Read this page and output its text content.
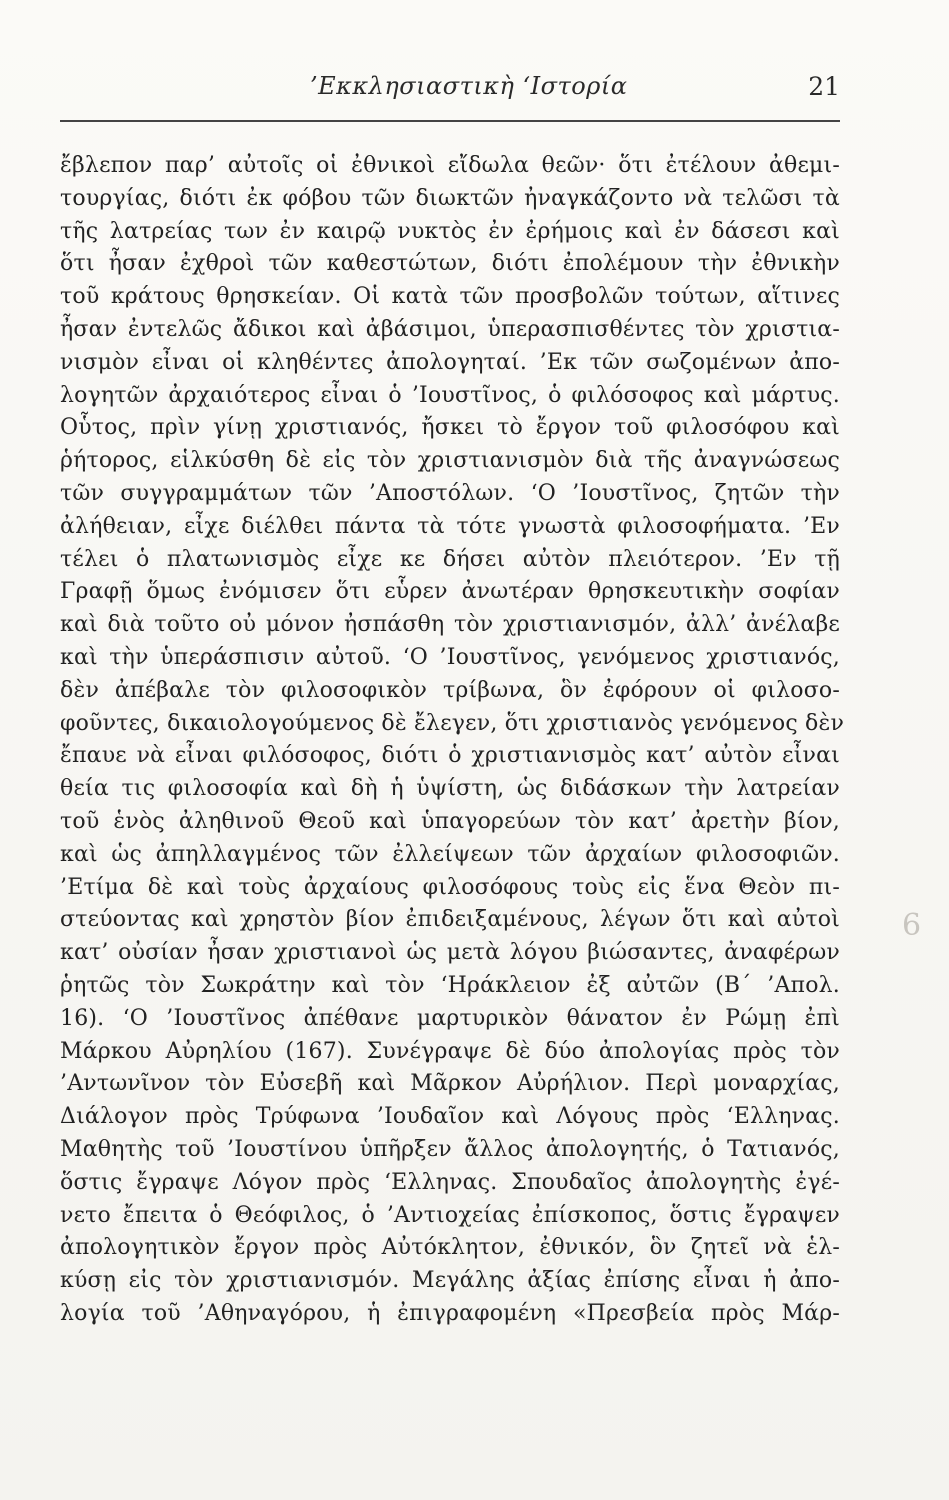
’Εκκλησιαστικὴ ‘Ιστορία	21
ἔβλεπον παρ’ αὐτοῖς οἱ ἐθνικοὶ εἴδωλα θεῶν· ὅτι ἐτέλουν ἀθεμι-
τουργίας, διότι ἐκ φόβου τῶν διωκτῶν ἠναγκάζοντο νὰ τελῶσι τὰ
τῆς λατρείας των ἐν καιρῷ νυκτὸς ἐν ἐρήμοις καὶ ἐν δάσεσι καὶ
ὅτι ἦσαν ἐχθροὶ τῶν καθεστώτων, διότι ἐπολέμουν τὴν ἐθνικὴν
τοῦ κράτους θρησκείαν. Οἱ κατὰ τῶν προσβολῶν τούτων, αἵτινες
ἦσαν ἐντελῶς ἄδικοι καὶ ἀβάσιμοι, ὑπερασπισθέντες τὸν χριστια-
νισμὸν εἶναι οἱ κληθέντες ἀπολογηταί. ’Εκ τῶν σωζομένων ἀπο-
λογητῶν ἀρχαιότερος εἶναι ὁ ’Ιουστῖνος, ὁ φιλόσοφος καὶ μάρτυς.
Οὗτος, πρὶν γίνῃ χριστιανός, ἤσκει τὸ ἔργον τοῦ φιλοσόφου καὶ
ῥήτορος, εἱλκύσθη δὲ εἰς τὸν χριστιανισμὸν διὰ τῆς ἀναγνώσεως
τῶν συγγραμμάτων τῶν ’Αποστόλων. ‘Ο ’Ιουστῖνος, ζητῶν τὴν
ἀλήθειαν, εἶχε διέλθει πάντα τὰ τότε γνωστὰ φιλοσοφήματα. ’Εν
τέλει ὁ πλατωνισμὸς εἶχε κε δήσει αὐτὸν πλειότερον. ’Εν τῇ
Γραφῇ ὅμως ἐνόμισεν ὅτι εὗρεν ἀνωτέραν θρησκευτικὴν σοφίαν
καὶ διὰ τοῦτο οὐ μόνον ἠσπάσθη τὸν χριστιανισμόν, ἀλλ’ ἀνέλαβε
καὶ τὴν ὑπεράσπισιν αὐτοῦ. ‘Ο ’Ιουστῖνος, γενόμενος χριστιανός,
δὲν ἀπέβαλε τὸν φιλοσοφικὸν τρίβωνα, ὃν ἐφόρουν οἱ φιλοσο-
φοῦντες, δικαιολογούμενος δὲ ἔλεγεν, ὅτι χριστιανὸς γενόμενος δὲν
ἔπαυε νὰ εἶναι φιλόσοφος, διότι ὁ χριστιανισμὸς κατ’ αὐτὸν εἶναι
θεία τις φιλοσοφία καὶ δὴ ἡ ὑψίστη, ὡς διδάσκων τὴν λατρείαν
τοῦ ἑνὸς ἀληθινοῦ Θεοῦ καὶ ὑπαγορεύων τὸν κατ’ ἀρετὴν βίον,
καὶ ὡς ἀπηλλαγμένος τῶν ἐλλείψεων τῶν ἀρχαίων φιλοσοφιῶν.
’Ετίμα δὲ καὶ τοὺς ἀρχαίους φιλοσόφους τοὺς εἰς ἕνα Θεὸν πι-
στεύοντας καὶ χρηστὸν βίον ἐπιδειξαμένους, λέγων ὅτι καὶ αὐτοὶ
κατ’ οὐσίαν ἦσαν χριστιανοὶ ὡς μετὰ λόγου βιώσαντες, ἀναφέρων
ῥητῶς τὸν Σωκράτην καὶ τὸν ‘Ηράκλειον ἐξ αὐτῶν (Β΄ ’Απολ.
16). ‘Ο ’Ιουστῖνος ἀπέθανε μαρτυρικὸν θάνατον ἐν Ρώμῃ ἐπὶ
Μάρκου Αὐρηλίου (167). Συνέγραψε δὲ δύο ἀπολογίας πρὸς τὸν
’Αντωνῖνον τὸν Εὐσεβῆ καὶ Μᾶρκον Αὐρήλιον. Περὶ μοναρχίας,
Διάλογον πρὸς Τρύφωνα ’Ιουδαῖον καὶ Λόγους πρὸς ‘Ελληνας.
Μαθητὴς τοῦ ’Ιουστίνου ὑπῆρξεν ἄλλος ἀπολογητής, ὁ Τατιανός,
ὅστις ἔγραψε Λόγον πρὸς ‘Ελληνας. Σπουδαῖος ἀπολογητὴς ἐγέ-
νετο ἔπειτα ὁ Θεόφιλος, ὁ ’Αντιοχείας ἐπίσκοπος, ὅστις ἔγραψεν
ἀπολογητικὸν ἔργον πρὸς Αὐτόκλητον, ἐθνικόν, ὃν ζητεῖ νὰ ἑλ-
κύσῃ εἰς τὸν χριστιανισμόν. Μεγάλης ἀξίας ἐπίσης εἶναι ἡ ἀπο-
λογία τοῦ ’Αθηναγόρου, ἡ ἐπιγραφομένη «Πρεσβεία πρὸς Μάρ-
6
